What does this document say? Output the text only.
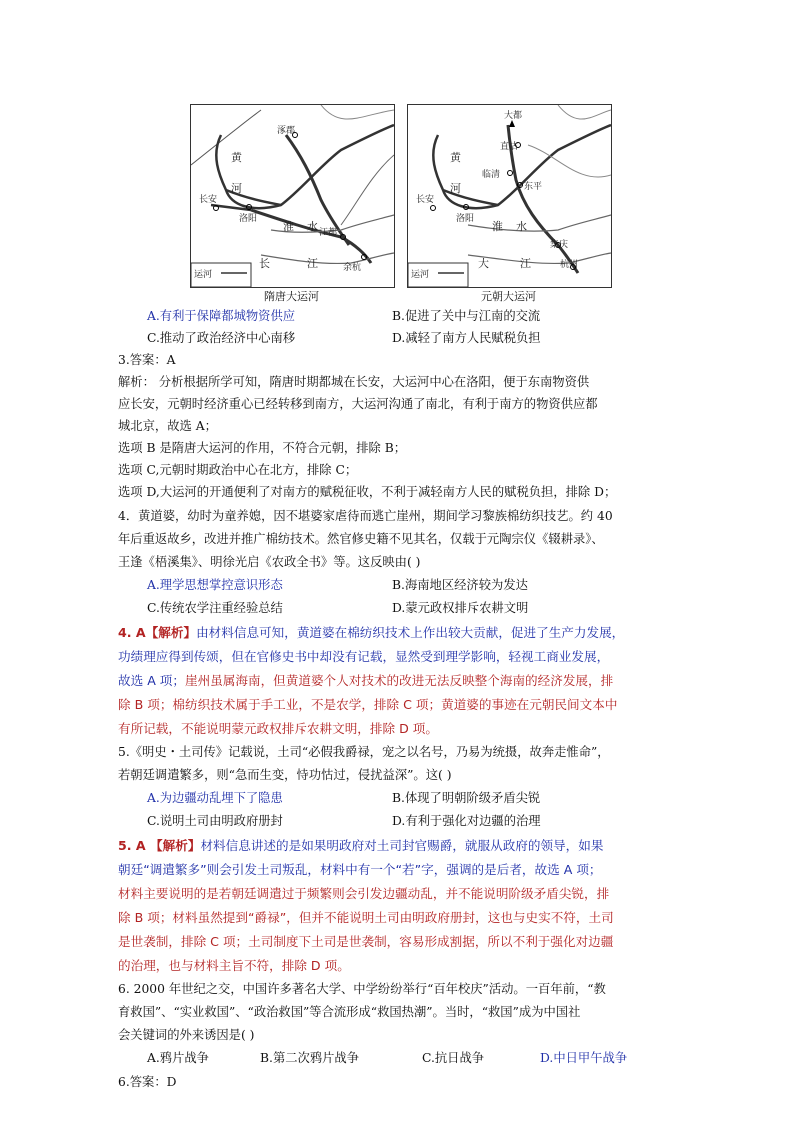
涿郡
黄
河
长安
洛阳
淮 水 江都
长	江	余杭
运河
隋唐大运河
大都
直沽
黄
临清
东平
河
长安
洛阳
淮 水
集庆
大	江	杭州
运河
元朝大运河
A.有利于保障都城物资供应	B.促进了关中与江南的交流
C.推动了政治经济中心南移	D.减轻了南方人民赋税负担
3.答案：A
解析： 分析根据所学可知，隋唐时期都城在长安，大运河中心在洛阳，便于东南物资供
应长安，元朝时经济重心已经转移到南方，大运河沟通了南北，有利于南方的物资供应都
城北京，故选 A；
选项 B 是隋唐大运河的作用，不符合元朝，排除 B；
选项 C,元朝时期政治中心在北方，排除 C；
选项 D,大运河的开通便利了对南方的赋税征收，不利于减轻南方人民的赋税负担，排除 D；
4．黄道婆，幼时为童养媳，因不堪婆家虐待而逃亡崖州，期间学习黎族棉纺织技艺。约 40
年后重返故乡，改进并推广棉纺技术。然官修史籍不见其名，仅载于元陶宗仪《辍耕录》、
王逢《梧溪集》、明徐光启《农政全书》等。这反映由( )
A.理学思想掌控意识形态	B.海南地区经济较为发达
C.传统农学注重经验总结	D.蒙元政权排斥农耕文明
4. A【解析】由材料信息可知，黄道婆在棉纺织技术上作出较大贡献，促进了生产力发展，
功绩理应得到传颂，但在官修史书中却没有记载，显然受到理学影响，轻视工商业发展，
故选 A 项；崖州虽属海南，但黄道婆个人对技术的改进无法反映整个海南的经济发展，排
除 B 项；棉纺织技术属于手工业，不是农学，排除 C 项；黄道婆的事迹在元朝民间文本中
有所记载，不能说明蒙元政权排斥农耕文明，排除 D 项。
5.《明史・土司传》记载说，土司“必假我爵禄，宠之以名号，乃易为统摄，故奔走惟命”，
若朝廷调遣繁多，则“急而生变，恃功怙过，侵扰益深”。这( )
A.为边疆动乱埋下了隐患	B.体现了明朝阶级矛盾尖锐
C.说明土司由明政府册封	D.有利于强化对边疆的治理
5. A 【解析】材料信息讲述的是如果明政府对土司封官赐爵，就服从政府的领导，如果
朝廷“调遣繁多”则会引发土司叛乱，材料中有一个“若”字，强调的是后者，故选 A 项；
材料主要说明的是若朝廷调遣过于频繁则会引发边疆动乱，并不能说明阶级矛盾尖锐，排
除 B 项；材料虽然提到“爵禄”，但并不能说明土司由明政府册封，这也与史实不符，土司
是世袭制，排除 C 项；土司制度下土司是世袭制，容易形成割据，所以不利于强化对边疆
的治理，也与材料主旨不符，排除 D 项。
6. 2000 年世纪之交，中国许多著名大学、中学纷纷举行“百年校庆”活动。一百年前，“教
育救国”、“实业救国”、“政治救国”等合流形成“救国热潮”。当时，“救国”成为中国社
会关键词的外来诱因是( )
A.鸦片战争	B.第二次鸦片战争	C.抗日战争	D.中日甲午战争
6.答案：D
